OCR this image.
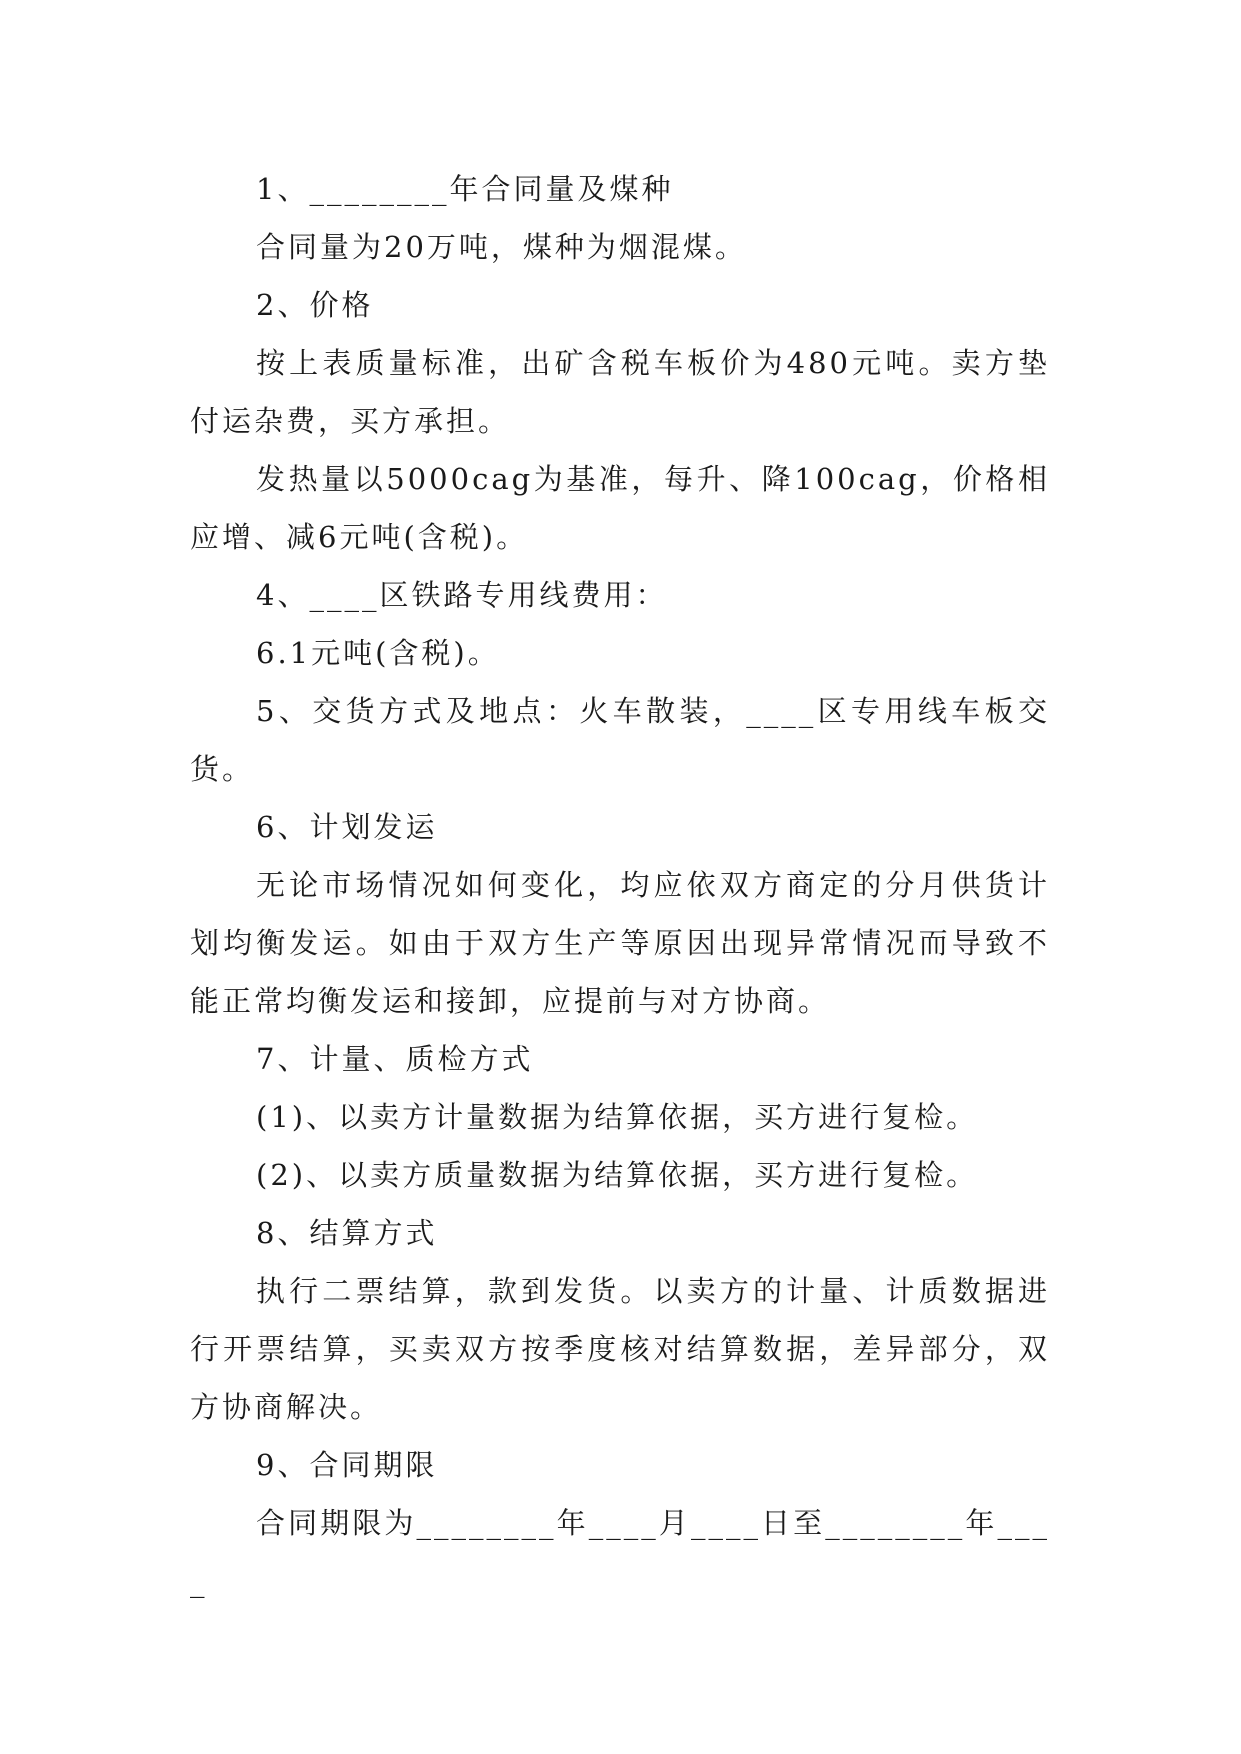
1、________年合同量及煤种

合同量为20万吨，煤种为烟混煤。

2、价格

按上表质量标准，出矿含税车板价为480元吨。卖方垫付运杂费，买方承担。

发热量以5000cag为基准，每升、降100cag，价格相应增、减6元吨(含税)。

4、____区铁路专用线费用：

6.1元吨(含税)。

5、交货方式及地点：火车散装，____区专用线车板交货。

6、计划发运

无论市场情况如何变化，均应依双方商定的分月供货计划均衡发运。如由于双方生产等原因出现异常情况而导致不能正常均衡发运和接卸，应提前与对方协商。

7、计量、质检方式

(1)、以卖方计量数据为结算依据，买方进行复检。

(2)、以卖方质量数据为结算依据，买方进行复检。

8、结算方式

执行二票结算，款到发货。以卖方的计量、计质数据进行开票结算，买卖双方按季度核对结算数据，差异部分，双方协商解决。

9、合同期限

合同期限为________年____月____日至________年____
